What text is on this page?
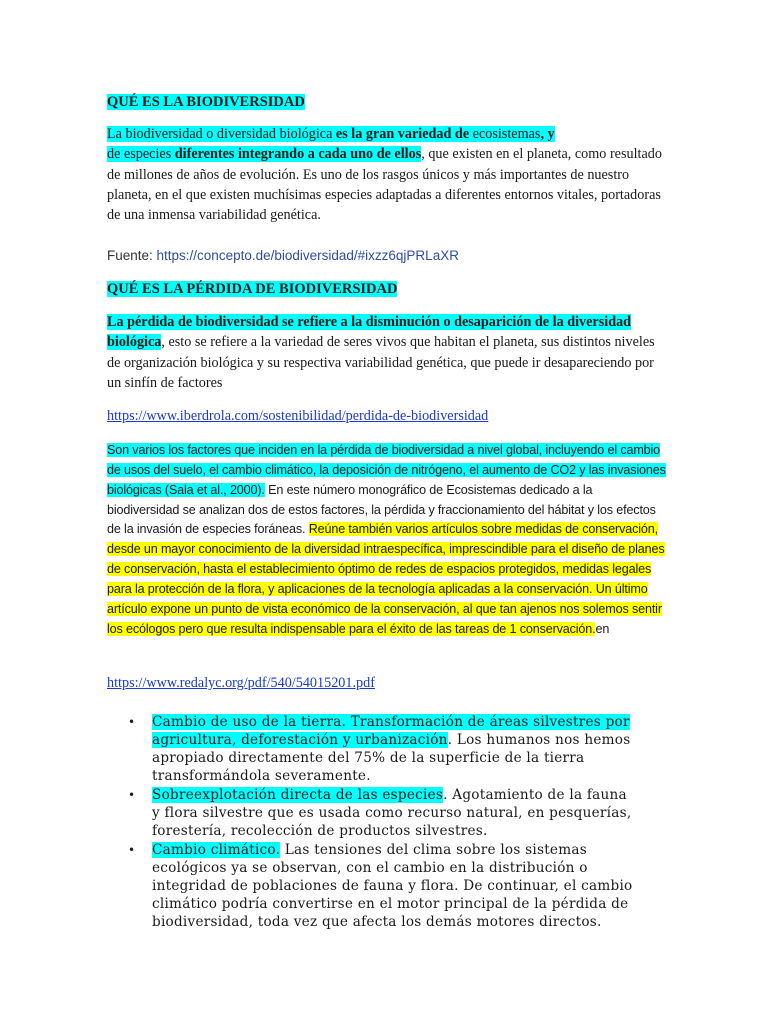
QUÉ ES LA BIODIVERSIDAD
La biodiversidad o diversidad biológica es la gran variedad de ecosistemas, y
de especies diferentes integrando a cada uno de ellos, que existen en el planeta, como resultado de millones de años de evolución. Es uno de los rasgos únicos y más importantes de nuestro planeta, en el que existen muchísimas especies adaptadas a diferentes entornos vitales, portadoras de una inmensa variabilidad genética.
Fuente: https://concepto.de/biodiversidad/#ixzz6qjPRLaXR
QUÉ ES LA PÉRDIDA DE BIODIVERSIDAD
La pérdida de biodiversidad se refiere a la disminución o desaparición de la diversidad biológica, esto se refiere a la variedad de seres vivos que habitan el planeta, sus distintos niveles de organización biológica y su respectiva variabilidad genética, que puede ir desapareciendo por un sinfín de factores
https://www.iberdrola.com/sostenibilidad/perdida-de-biodiversidad
Son varios los factores que inciden en la pérdida de biodiversidad a nivel global, incluyendo el cambio de usos del suelo, el cambio climático, la deposición de nitrógeno, el aumento de CO2 y las invasiones biológicas (Sala et al., 2000). En este número monográfico de Ecosistemas dedicado a la biodiversidad se analizan dos de estos factores, la pérdida y fraccionamiento del hábitat y los efectos de la invasión de especies foráneas. Reúne también varios artículos sobre medidas de conservación, desde un mayor conocimiento de la diversidad intraespecífica, imprescindible para el diseño de planes de conservación, hasta el establecimiento óptimo de redes de espacios protegidos, medidas legales para la protección de la flora, y aplicaciones de la tecnología aplicadas a la conservación. Un último artículo expone un punto de vista económico de la conservación, al que tan ajenos nos solemos sentir los ecólogos pero que resulta indispensable para el éxito de las tareas de 1 conservación.en
https://www.redalyc.org/pdf/540/54015201.pdf
• Cambio de uso de la tierra. Transformación de áreas silvestres por agricultura, deforestación y urbanización. Los humanos nos hemos apropiado directamente del 75% de la superficie de la tierra transformándola severamente.
• Sobreexplotación directa de las especies. Agotamiento de la fauna y flora silvestre que es usada como recurso natural, en pesquerías, forestería, recolección de productos silvestres.
• Cambio climático. Las tensiones del clima sobre los sistemas ecológicos ya se observan, con el cambio en la distribución o integridad de poblaciones de fauna y flora. De continuar, el cambio climático podría convertirse en el motor principal de la pérdida de biodiversidad, toda vez que afecta los demás motores directos.
